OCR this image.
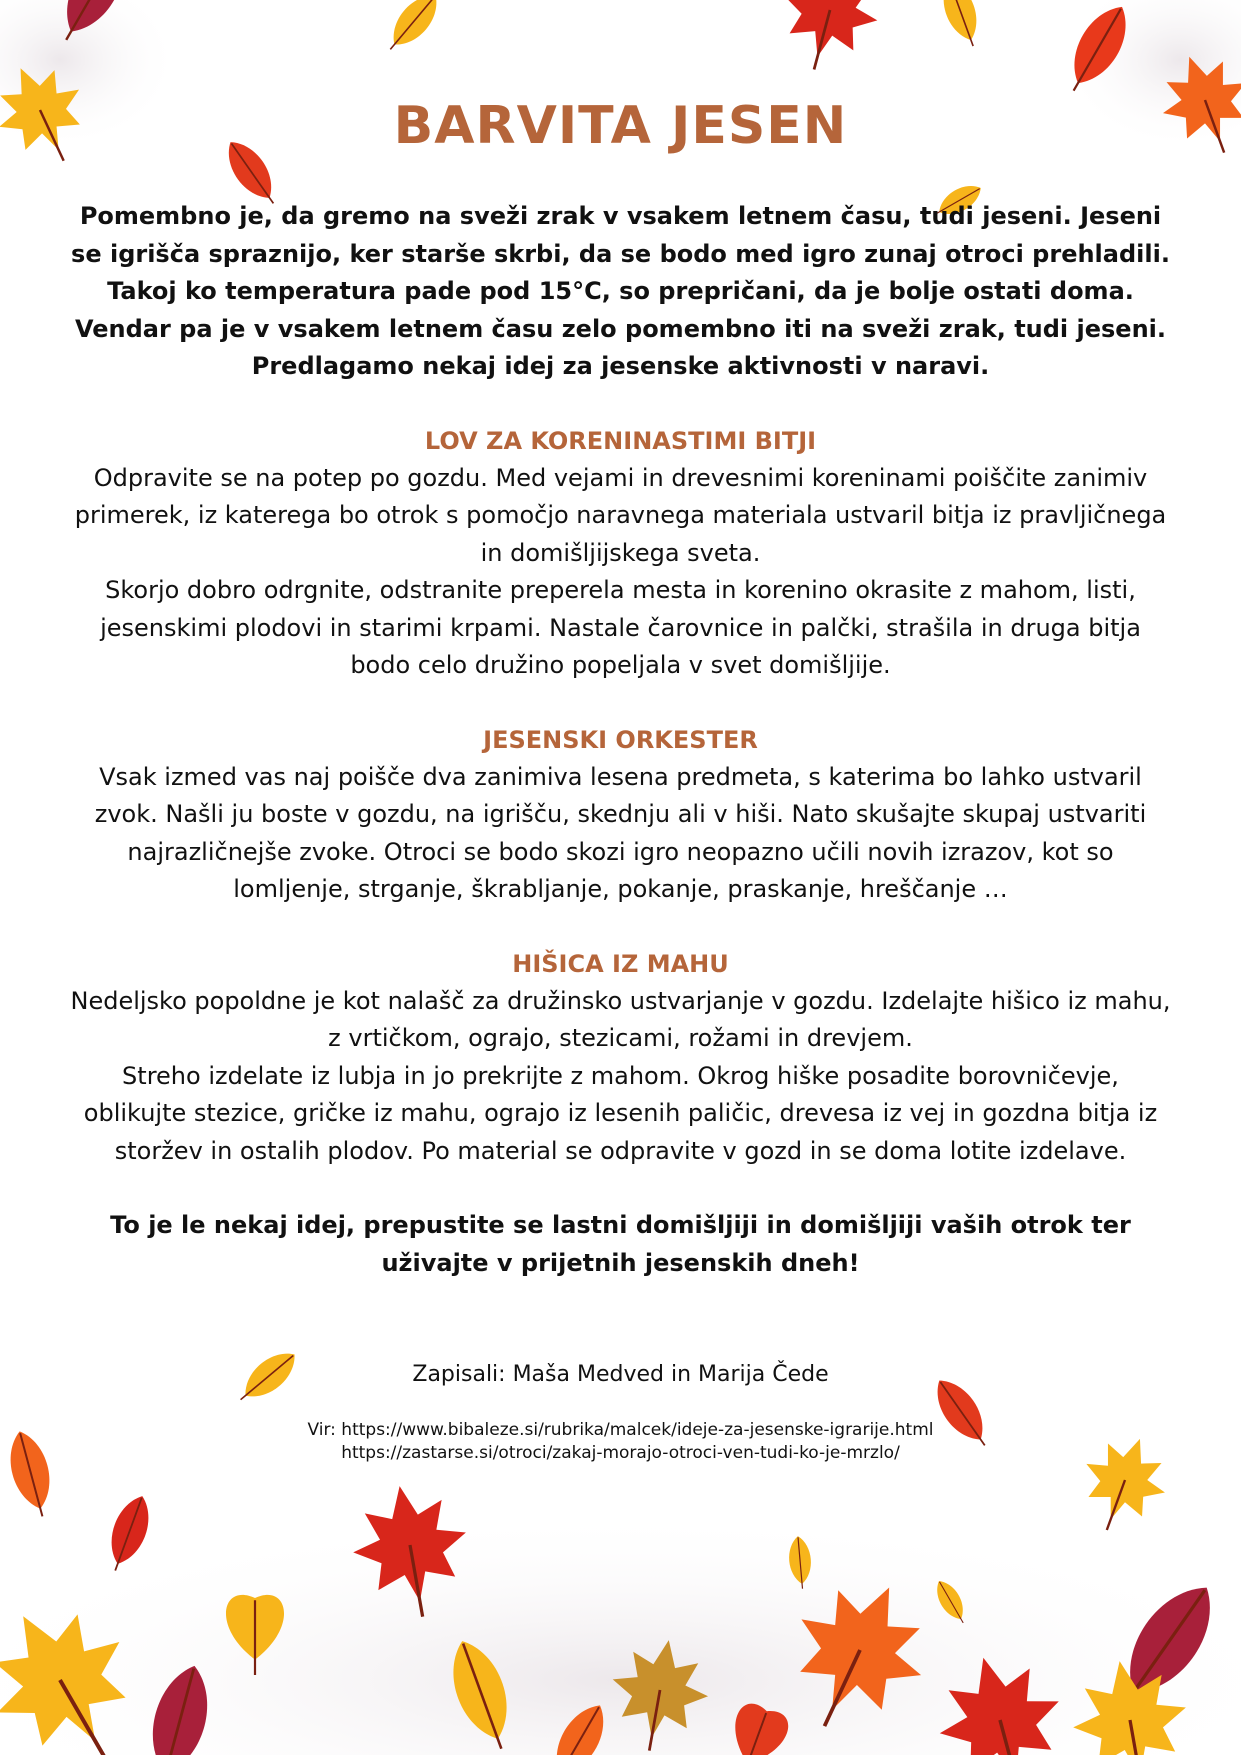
BARVITA JESEN

Pomembno je, da gremo na sveži zrak v vsakem letnem času, tudi jeseni. Jeseni se igrišča spraznijo, ker starše skrbi, da se bodo med igro zunaj otroci prehladili. Takoj ko temperatura pade pod 15°C, so prepričani, da je bolje ostati doma. Vendar pa je v vsakem letnem času zelo pomembno iti na sveži zrak, tudi jeseni. Predlagamo nekaj idej za jesenske aktivnosti v naravi.

LOV ZA KORENINASTIMI BITJI

Odpravite se na potep po gozdu. Med vejami in drevesnimi koreninami poiščite zanimiv primerek, iz katerega bo otrok s pomočjo naravnega materiala ustvaril bitja iz pravljičnega in domišljijskega sveta.

Skorjo dobro odrgnite, odstranite preperela mesta in korenino okrasite z mahom, listi, jesenskimi plodovi in starimi krpami. Nastale čarovnice in palčki, strašila in druga bitja bodo celo družino popeljala v svet domišljije.

JESENSKI ORKESTER

Vsak izmed vas naj poišče dva zanimiva lesena predmeta, s katerima bo lahko ustvaril zvok. Našli ju boste v gozdu, na igrišču, skednju ali v hiši. Nato skušajte skupaj ustvariti najrazličnejše zvoke. Otroci se bodo skozi igro neopazno učili novih izrazov, kot so lomljenje, strganje, škrabljanje, pokanje, praskanje, hreščanje …

HIŠICA IZ MAHU

Nedeljsko popoldne je kot nalašč za družinsko ustvarjanje v gozdu. Izdelajte hišico iz mahu, z vrtičkom, ograjo, stezicami, rožami in drevjem.

Streho izdelate iz lubja in jo prekrijte z mahom. Okrog hiške posadite borovničevje, oblikujte stezice, gričke iz mahu, ograjo iz lesenih paličic, drevesa iz vej in gozdna bitja iz storžev in ostalih plodov. Po material se odpravite v gozd in se doma lotite izdelave.

To je le nekaj idej, prepustite se lastni domišljiji in domišljiji vaših otrok ter uživajte v prijetnih jesenskih dneh!

Zapisali: Maša Medved in Marija Čede

Vir: https://www.bibaleze.si/rubrika/malcek/ideje-za-jesenske-igrarije.html

https://zastarse.si/otroci/zakaj-morajo-otroci-ven-tudi-ko-je-mrzlo/
